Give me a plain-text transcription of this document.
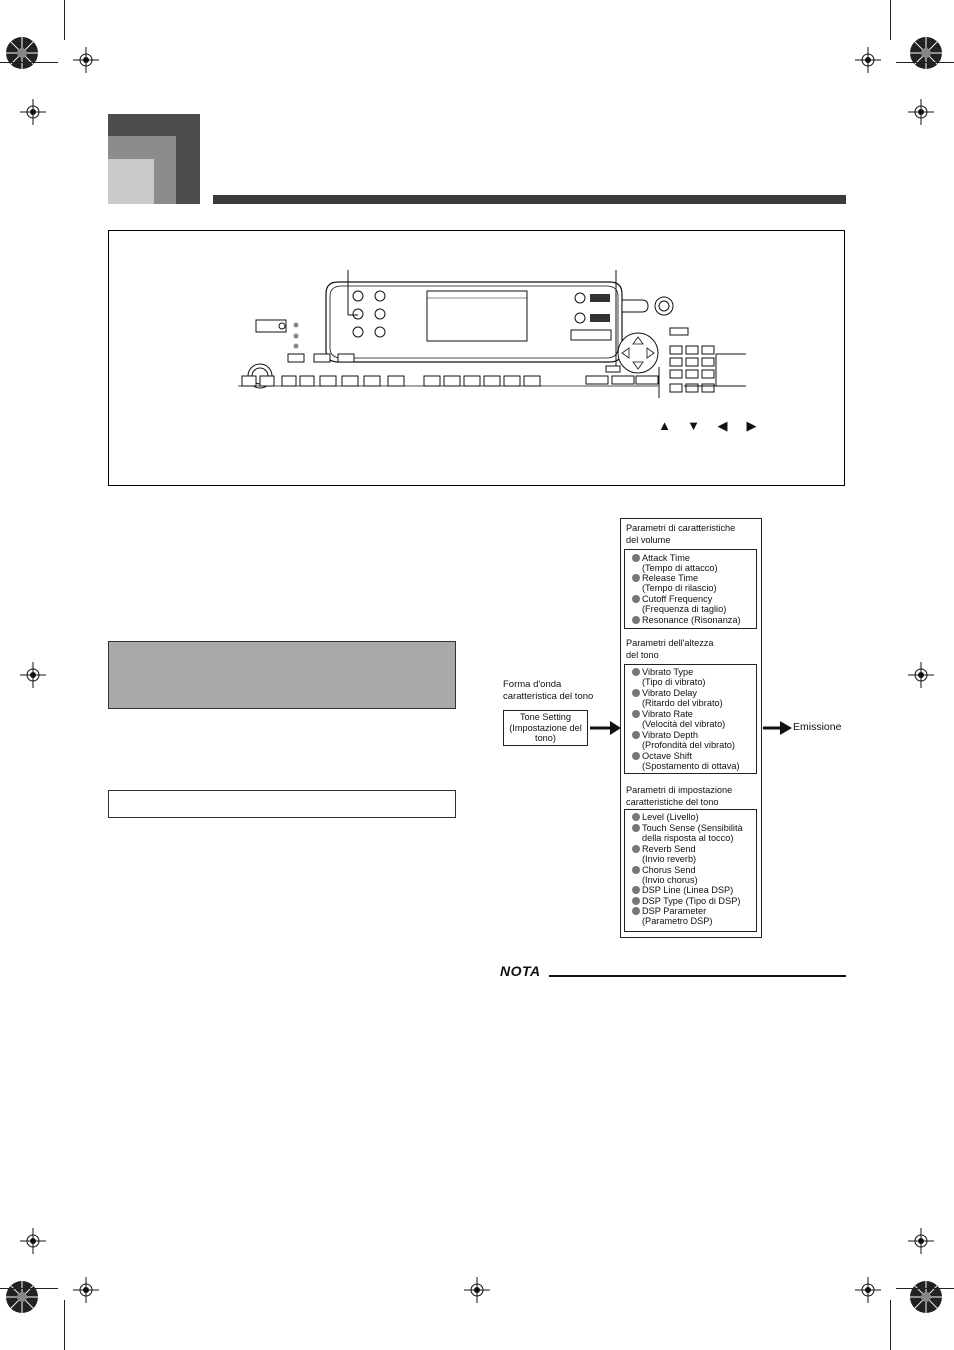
▲ ▼ ◀ ▶
Forma d'onda
caratteristica del tono
Tone Setting
(Impostazione del
tono)
Emissione
Parametri di caratteristiche
del volume
Attack Time
(Tempo di attacco)
Release Time
(Tempo di rilascio)
Cutoff Frequency
(Frequenza di taglio)
Resonance (Risonanza)
Parametri dell'altezza
del tono
Vibrato Type
(Tipo di vibrato)
Vibrato Delay
(Ritardo del vibrato)
Vibrato Rate
(Velocità del vibrato)
Vibrato Depth
(Profondità del vibrato)
Octave Shift
(Spostamento di ottava)
Parametri di impostazione
caratteristiche del tono
Level (Livello)
Touch Sense (Sensibilità
della risposta al tocco)
Reverb Send
(Invio reverb)
Chorus Send
(Invio chorus)
DSP Line (Linea DSP)
DSP Type (Tipo di DSP)
DSP Parameter
(Parametro DSP)
NOTA
